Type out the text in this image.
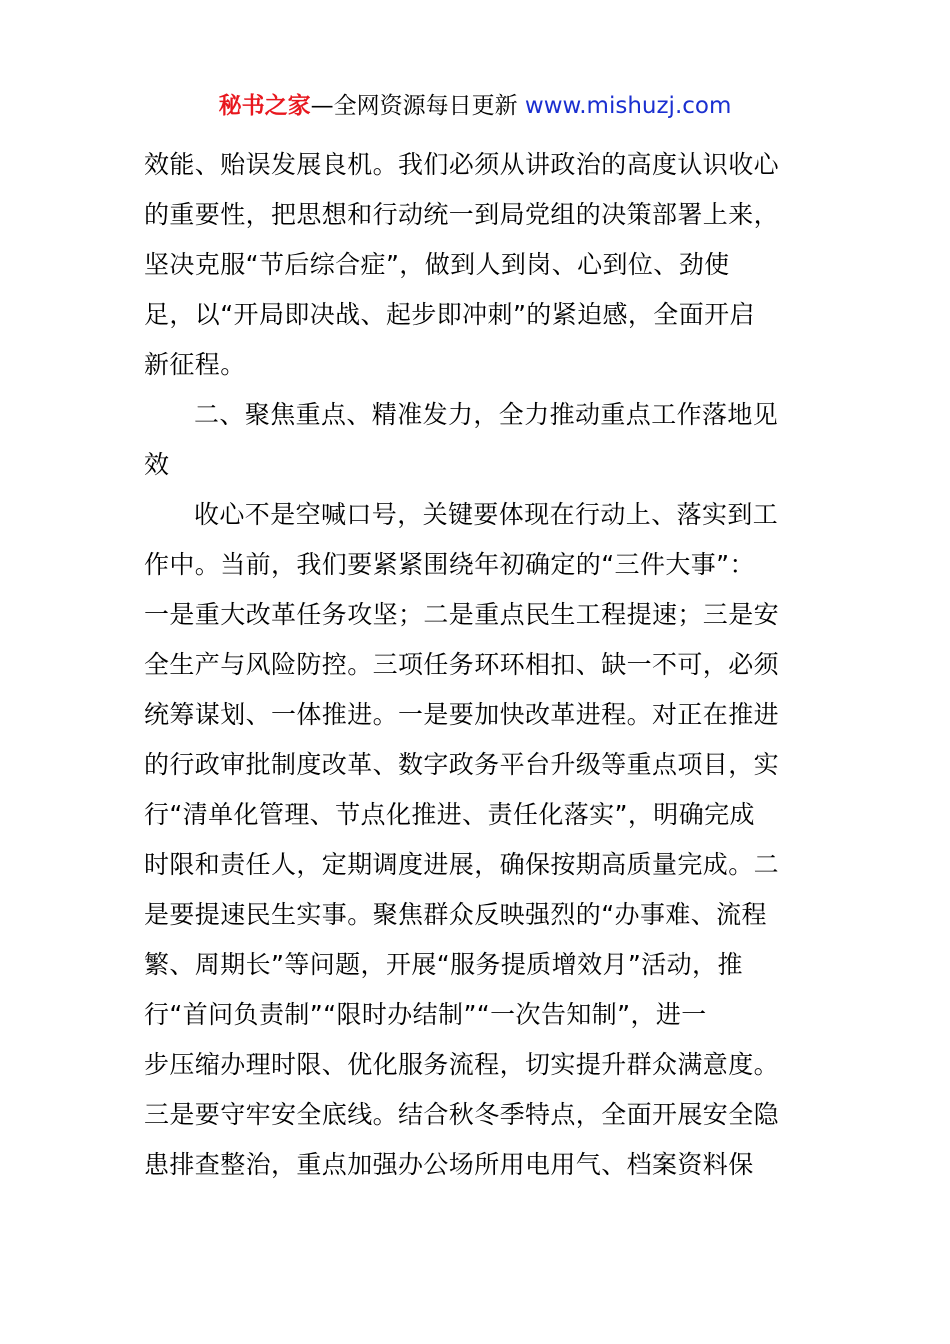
秘书之家—全网资源每日更新 www.mishuzj.com
效能、贻误发展良机。我们必须从讲政治的高度认识收心
的重要性，把思想和行动统一到局党组的决策部署上来，
坚决克服“节后综合症”，做到人到岗、心到位、劲使
足，以“开局即决战、起步即冲刺”的紧迫感，全面开启
新征程。
二、聚焦重点、精准发力，全力推动重点工作落地见
效
收心不是空喊口号，关键要体现在行动上、落实到工
作中。当前，我们要紧紧围绕年初确定的“三件大事”：
一是重大改革任务攻坚；二是重点民生工程提速；三是安
全生产与风险防控。三项任务环环相扣、缺一不可，必须
统筹谋划、一体推进。一是要加快改革进程。对正在推进
的行政审批制度改革、数字政务平台升级等重点项目，实
行“清单化管理、节点化推进、责任化落实”，明确完成
时限和责任人，定期调度进展，确保按期高质量完成。二
是要提速民生实事。聚焦群众反映强烈的“办事难、流程
繁、周期长”等问题，开展“服务提质增效月”活动，推
行“首问负责制”“限时办结制”“一次告知制”，进一
步压缩办理时限、优化服务流程，切实提升群众满意度。
三是要守牢安全底线。结合秋冬季特点，全面开展安全隐
患排查整治，重点加强办公场所用电用气、档案资料保
